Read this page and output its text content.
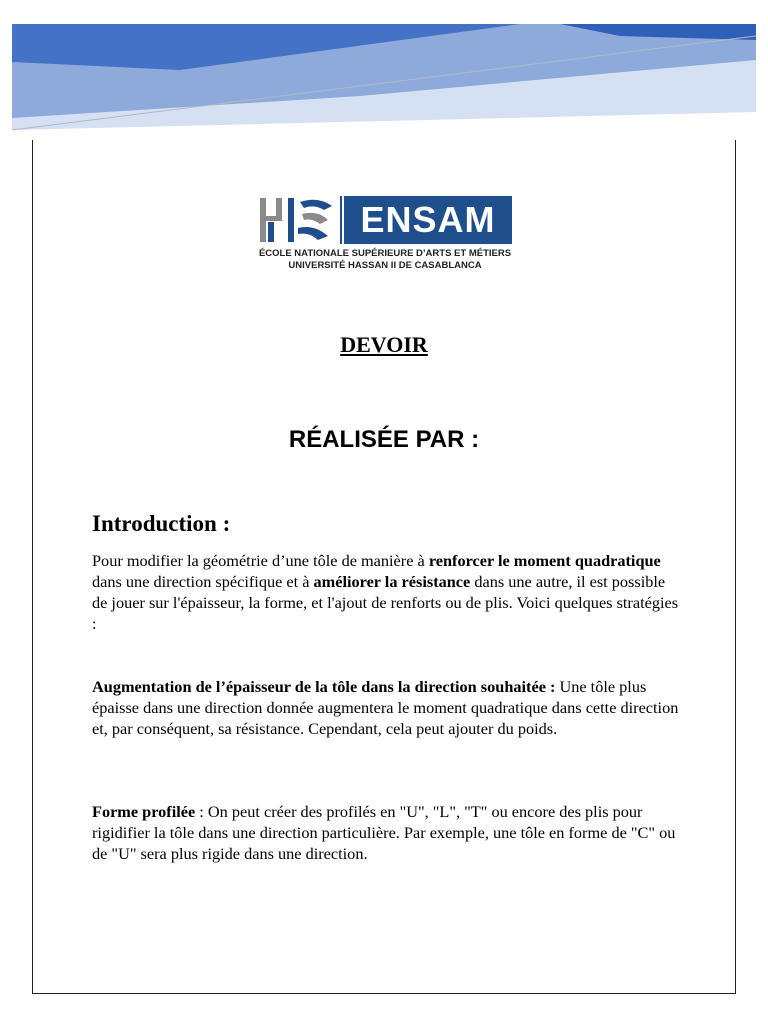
ENSAM
ÉCOLE NATIONALE SUPÉRIEURE D’ARTS ET MÉTIERS
UNIVERSITÉ HASSAN II DE CASABLANCA
DEVOIR
RÉALISÉE PAR :
Introduction :
Pour modifier la géométrie d’une tôle de manière à renforcer le moment quadratique dans une direction spécifique et à améliorer la résistance dans une autre, il est possible de jouer sur l'épaisseur, la forme, et l'ajout de renforts ou de plis. Voici quelques stratégies :
Augmentation de l’épaisseur de la tôle dans la direction souhaitée : Une tôle plus épaisse dans une direction donnée augmentera le moment quadratique dans cette direction et, par conséquent, sa résistance. Cependant, cela peut ajouter du poids.
Forme profilée : On peut créer des profilés en "U", "L", "T" ou encore des plis pour rigidifier la tôle dans une direction particulière. Par exemple, une tôle en forme de "C" ou de "U" sera plus rigide dans une direction.
